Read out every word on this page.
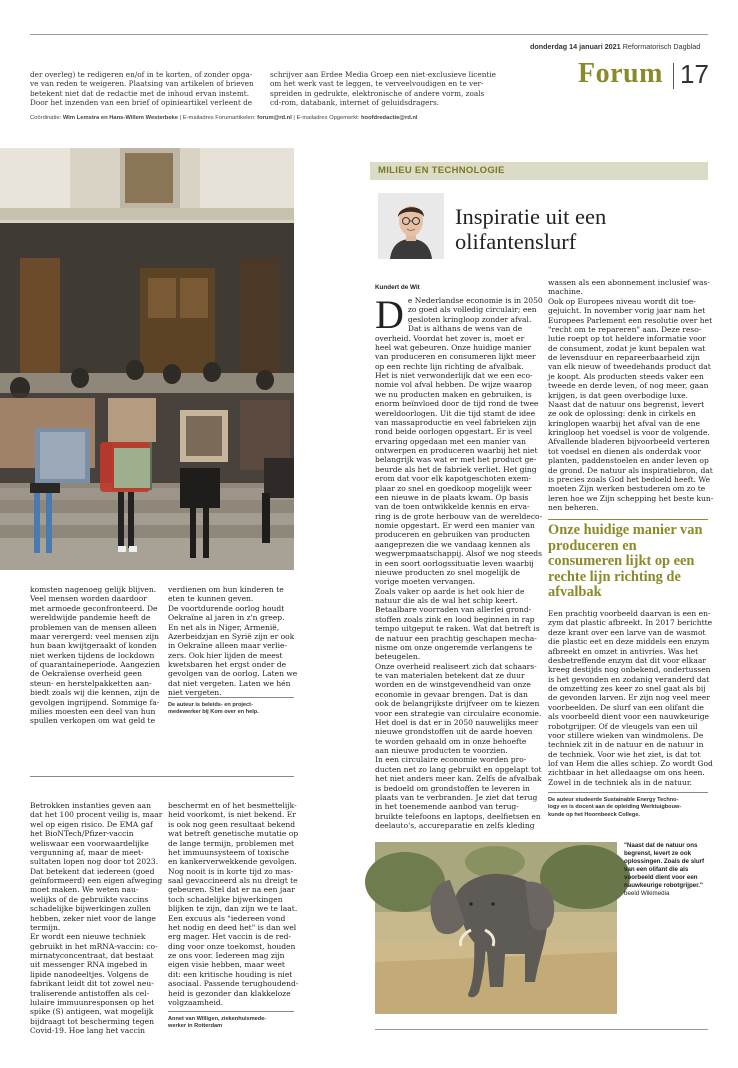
donderdag 14 januari 2021 Reformatorisch Dagblad
Forum 17
der overleg) te redigeren en/of in te korten, of zonder opga-
ve van reden te weigeren. Plaatsing van artikelen of brieven
betekent niet dat de redactie met de inhoud ervan instemt.
Door het inzenden van een brief of opinieartikel verleent de
schrijver aan Erdee Media Groep een niet-exclusieve licentie
om het werk vast te leggen, te verveelvoudigen en te ver-
spreiden in gedrukte, elektronische of andere vorm, zoals
cd-rom, databank, internet of geluidsdragers.
Coördinatie: Wim Lemstra en Hans-Willem Westerbeke | E-mailadres Forumartikelen: forum@rd.nl | E-mailadres Opgemerkt: hoofdredactie@rd.nl
komsten nagenoeg gelijk blijven.
Veel mensen worden daardoor
met armoede geconfronteerd. De
wereldwijde pandemie heeft de
problemen van de mensen alleen
maar verergerd: veel mensen zijn
hun baan kwijtgeraakt of konden
niet werken tijdens de lockdown
of quarantaineperiode. Aangezien
de Oekraïense overheid geen
steun- en herstelpakketten aan-
biedt zoals wij die kennen, zijn de
gevolgen ingrijpend. Sommige fa-
milies moesten een deel van hun
spullen verkopen om wat geld te
verdienen om hun kinderen te
eten te kunnen geven.
De voortdurende oorlog houdt
Oekraïne al jaren in z'n greep.
En net als in Niger, Armenië,
Azerbeidzjan en Syrië zijn er ook
in Oekraïne alleen maar verlie-
zers. Ook hier lijden de meest
kwetsbaren het ergst onder de
gevolgen van de oorlog. Laten we
dat niet vergeten. Laten we hén
niet vergeten.
De auteur is beleids- en project-
medewerker bij Kom over en help.
Betrokken instanties geven aan
dat het 100 procent veilig is, maar
wel op eigen risico. De EMA gaf
het BioNTech/Pfizer-vaccin
weliswaar een voorwaardelijke
vergunning af, maar de meet-
sultaten lopen nog door tot 2023.
Dat betekent dat iedereen (goed
geïnformeerd) een eigen afweging
moet maken. We weten nau-
welijks of de gebruikte vaccins
schadelijke bijwerkingen zullen
hebben, zeker niet voor de lange
termijn.
Er wordt een nieuwe techniek
gebruikt in het mRNA-vaccin: co-
mirnatyconcentraat, dat bestaat
uit messenger RNA ingebed in
lipide nanodeeltjes. Volgens de
fabrikant leidt dit tot zowel neu-
traliserende antistoffen als cel-
lulaire immuunresponsen op het
spike (S) antigeen, wat mogelijk
bijdraagt tot bescherming tegen
Covid-19. Hoe lang het vaccin
beschermt en of het besmettelijk-
heid voorkomt, is niet bekend. Er
is ook nog geen resultaat bekend
wat betreft genetische mutatie op
de lange termijn, problemen met
het immuunsysteem of toxische
en kankerverwekkende gevolgen.
Nog nooit is in korte tijd zo mas-
saal gevaccineerd als nu dreigt te
gebeuren. Stel dat er na een jaar
toch schadelijke bijwerkingen
blijken te zijn, dan zijn we te laat.
Een excuus als "iedereen vond
het nodig en deed het" is dan wel
erg mager. Het vaccin is de red-
ding voor onze toekomst, houden
ze ons voor. Iedereen mag zijn
eigen visie hebben, maar weet
dit: een kritische houding is niet
asociaal. Passende terughoudend-
heid is gezonder dan klakkeloze
volgzaamheid.
Annet van Willigen, ziekenhuismede-
werker in Rotterdam
MILIEU EN TECHNOLOGIE
Inspiratie uit een
olifantenslurf
Kundert de Wit
D e Nederlandse economie is in 2050
zo goed als volledig circulair; een
gesloten kringloop zonder afval.
Dat is althans de wens van de
overheid. Voordat het zover is, moet er
heel wat gebeuren. Onze huidige manier
van produceren en consumeren lijkt meer
op een rechte lijn richting de afvalbak.
Het is niet verwonderlijk dat we een eco-
nomie vol afval hebben. De wijze waarop
we nu producten maken en gebruiken, is
enorm beïnvloed door de tijd rond de twee
wereldoorlogen. Uit die tijd stamt de idee
van massaproductie en veel fabrieken zijn
rond beide oorlogen opgestart. Er is veel
ervaring opgedaan met een manier van
ontwerpen en produceren waarbij het niet
belangrijk was wat er met het product ge-
beurde als het de fabriek verliet. Het ging
erom dat voor elk kapotgeschoten exem-
plaar zo snel en goedkoop mogelijk weer
een nieuwe in de plaats kwam. Op basis
van de toen ontwikkelde kennis en erva-
ring is de grote herbouw van de wereldeco-
nomie opgestart. Er werd een manier van
produceren en gebruiken van producten
aangeprezen die we vandaag kennen als
wegwerpmaatschappij. Alsof we nog steeds
in een soort oorlogssituatie leven waarbij
nieuwe producten zo snel mogelijk de
vorige moeten vervangen.
Zoals vaker op aarde is het ook hier de
natuur die als de wal het schip keert.
Betaalbare voorraden van allerlei grond-
stoffen zoals zink en lood beginnen in rap
tempo uitgeput te raken. Wat dat betreft is
de natuur een prachtig geschapen mecha-
nisme om onze ongeremde verlangens te
beteugelen.
Onze overheid realiseert zich dat schaars-
te van materialen betekent dat ze duur
worden en de winstgevendheid van onze
economie in gevaar brengen. Dat is dan
ook de belangrijkste drijfveer om te kiezen
voor een strategie van circulaire economie.
Het doel is dat er in 2050 nauwelijks meer
nieuwe grondstoffen uit de aarde hoeven
te worden gehaald om in onze behoefte
aan nieuwe producten te voorzien.
In een circulaire economie worden pro-
ducten net zo lang gebruikt en opgelapt tot
het niet anders meer kan. Zelfs de afvalbak
is bedoeld om grondstoffen te leveren in
plaats van te verbranden. Je ziet dat terug
in het toenemende aanbod van terug-
bruikte telefoons en laptops, deelfietsen en
deelauto's, accureparatie en zelfs kleding
wassen als een abonnement inclusief was-
machine.
Ook op Europees niveau wordt dit toe-
gejuicht. In november vorig jaar nam het
Europees Parlement een resolutie over het
"recht om te repareren" aan. Deze reso-
lutie roept op tot heldere informatie voor
de consument, zodat je kunt bepalen wat
de levensduur en repareerbaarheid zijn
van elk nieuw of tweedehands product dat
je koopt. Als producten steeds vaker een
tweede en derde leven, of nog meer, gaan
krijgen, is dat geen overbodige luxe.
Naast dat de natuur ons begrenst, levert
ze ook de oplossing: denk in cirkels en
kringlopen waarbij het afval van de ene
kringloop het voedsel is voor de volgende.
Afvallende bladeren bijvoorbeeld verteren
tot voedsel en dienen als onderdak voor
planten, paddenstoelen en ander leven op
de grond. De natuur als inspiratiebron, dat
is precies zoals God het bedoeld heeft. We
moeten Zijn werken bestuderen om zo te
leren hoe we Zijn schepping het beste kun-
nen beheren.
Onze huidige manier van produceren en consumeren lijkt op een rechte lijn richting de afvalbak
Een prachtig voorbeeld daarvan is een en-
zym dat plastic afbreekt. In 2017 berichtte
deze krant over een larve van de wasmot
die plastic eet en deze middels een enzym
afbreekt en omzet in antivries. Was het
desbetreffende enzym dat dit voor elkaar
kreeg destijds nog onbekend, ondertussen
is het gevonden en zodanig veranderd dat
de omzetting zes keer zo snel gaat als bij
de gevonden larven. Er zijn nog veel meer
voorbeelden. De slurf van een olifant die
als voorbeeld dient voor een nauwkeurige
robotgrijper. Of de vleugels van een uil
voor stillere wieken van windmolens. De
techniek zit in de natuur en de natuur in
de techniek. Voor wie het ziet, is dat tot
lof van Hem die alles schiep. Zo wordt God
zichtbaar in het alledaagse om ons heen.
Zowel in de techniek als in de natuur.
De auteur studeerde Sustainable Energy Techno-
logy en is docent aan de opleiding Werktuigbouw-
kunde op het Hoornbeeck College.
"Naast dat de natuur ons begrenst, levert ze ook oplossingen. Zoals de slurf van een olifant die als voorbeeld dient voor een nauwkeurige robotgrijper." beeld Wikimedia
